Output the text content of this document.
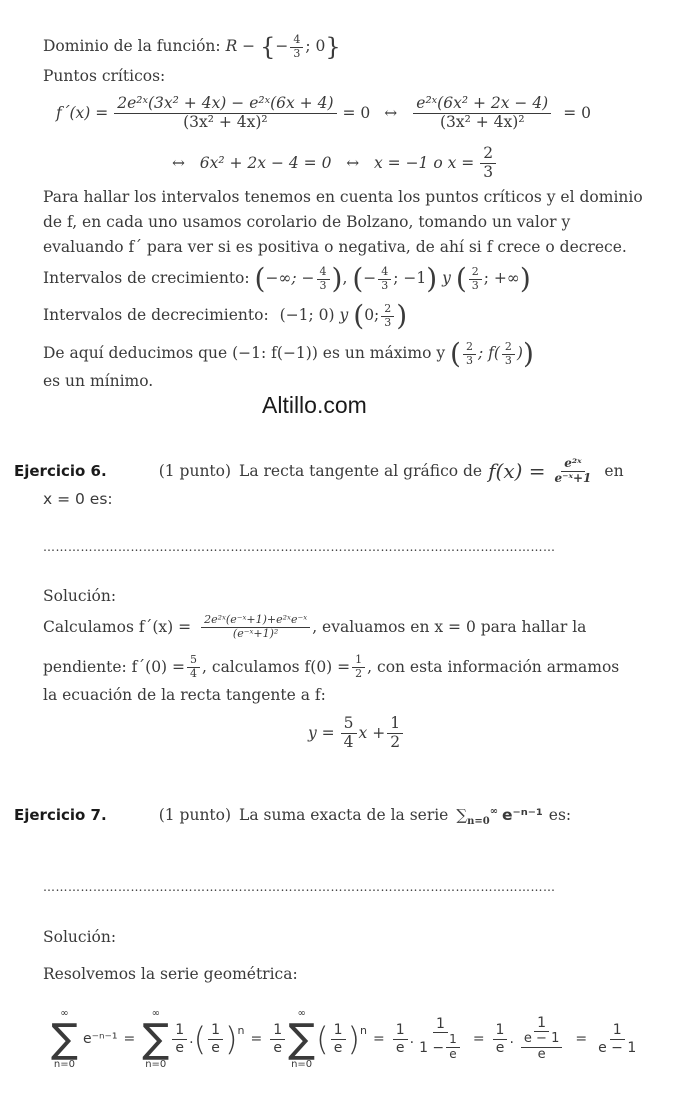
Dominio de la función: R − {− $\frac{4}{3}$ ; 0}
Puntos críticos:
f´(x) = $\frac{\text{2e²ˣ(3x² + 4x) − e²ˣ(6x + 4)}}{\text{(3x² + 4x)²}} = 0$ ↔ $\frac{\text{e²ˣ(6x² + 2x − 4)}}{\text{(3x² + 4x)²}} = 0$
↔   6x² + 2x − 4 = 0   ↔   x = −1 o $x = \frac{2}{3}$
Para hallar los intervalos tenemos en cuenta los puntos críticos y el dominio
de f, en cada uno usamos corolario de Bolzano, tomando un valor y
evaluando f´ para ver si es positiva o negativa, de ahí si f crece o decrece.
Intervalos de crecimiento: (−∞; − $\frac{4}{3}$ ), (− $\frac{4}{3}$ ; −1) y ( $\frac{2}{3}$ ; +∞)
Intervalos de decrecimiento: (−1; 0) y (0; $\frac{2}{3}$ )
De aquí deducimos que (−1: f(−1)) es un máximo y ( $\frac{2}{3}$ ; $f( \frac{2}{3}$ ))
es un mínimo.
Altillo.com
Ejercicio 6.	(1 punto) La recta tangente al gráfico de $f(x) = \frac{\text{e²ˣ}}{\text{e⁻ˣ+1}}$ en
x = 0 es:
……………………………………………………………………………………………………………
Solución:
Calculamos f´(x) = $\frac{\text{2e²ˣ(e⁻ˣ+1)+e²ˣe⁻ˣ}}{\text{(e⁻ˣ+1)²}}$ , evaluamos en x = 0 para hallar la
pendiente: f´(0) = $\frac{5}{4}$ , calculamos $f(0) = \frac{1}{2}$ , con esta información armamos
la ecuación de la recta tangente a f:
$y = \frac{5}{4}$ $x + \frac{1}{2}$
Ejercicio 7.	(1 punto) La suma exacta de la serie $\sum_{n=0}^\infty$ e⁻ⁿ⁻¹ es:
……………………………………………………………………………………………………………
Solución:
Resolvemos la serie geométrica:
∞
∑
n=0
e⁻ⁿ⁻¹ =
∞
∑
n=0
$\frac{1}{e}$ . ( $\frac{1}{e} )^n$
= $\frac{1}{e}$
∞
∑
n=0
( $\frac{1}{e} )^n$
= $\frac{1}{e}$ . $\frac{1}{1 - \frac{1}{e}} = \frac{1}{e}$ . $\frac{1}{\frac{e - 1}{e}} = \frac{1}{e - 1}$
